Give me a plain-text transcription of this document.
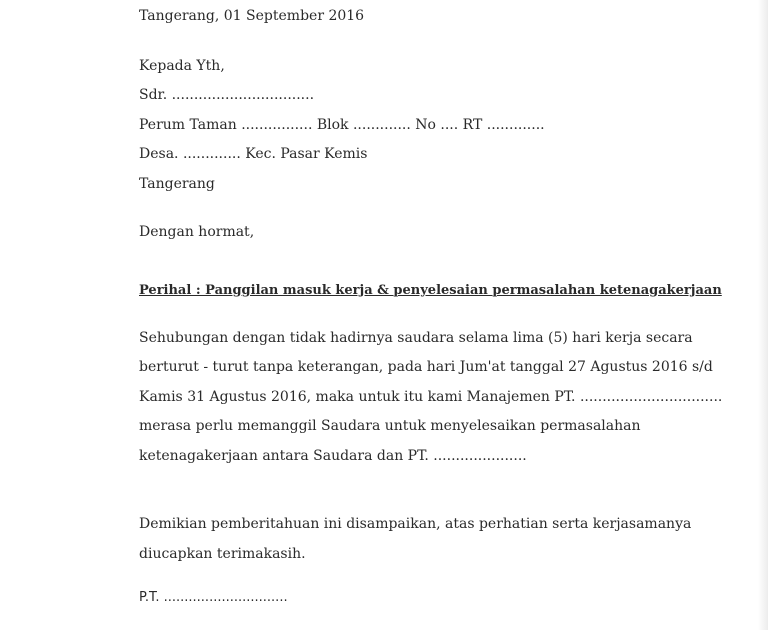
Tangerang, 01 September 2016
Kepada Yth,
Sdr. ................................
Perum Taman ................ Blok ............. No .... RT .............
Desa. ............. Kec. Pasar Kemis
Tangerang
Dengan hormat,
Perihal : Panggilan masuk kerja & penyelesaian permasalahan ketenagakerjaan
Sehubungan dengan tidak hadirnya saudara selama lima (5) hari kerja secara
berturut - turut tanpa keterangan, pada hari Jum'at tanggal 27 Agustus 2016 s/d
Kamis 31 Agustus 2016, maka untuk itu kami Manajemen PT. ................................
merasa perlu memanggil Saudara untuk menyelesaikan permasalahan
ketenagakerjaan antara Saudara dan PT. .....................
Demikian pemberitahuan ini disampaikan, atas perhatian serta kerjasamanya
diucapkan terimakasih.
P.T. ..............................
